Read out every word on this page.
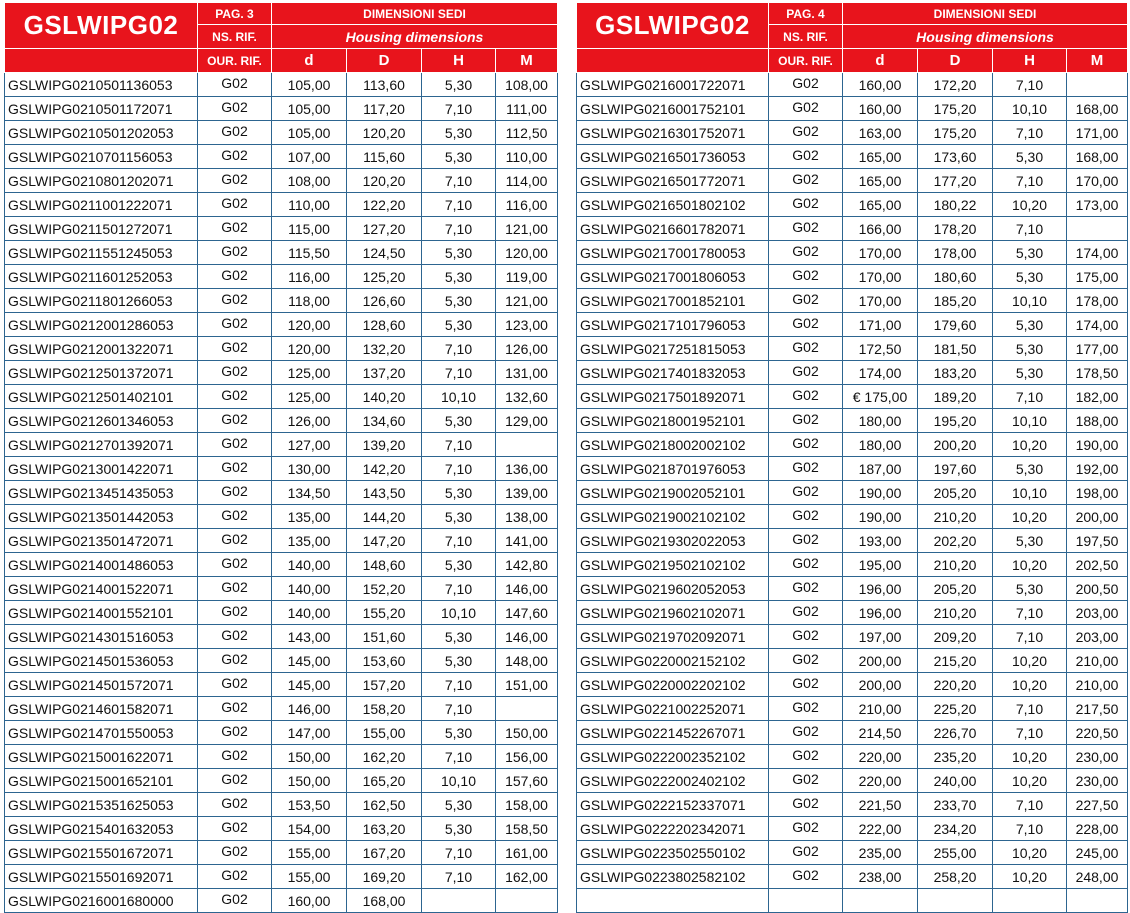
GSLWIPG02	PAG. 3	DIMENSIONI SEDI			
	NS. RIF.	Housing dimensions			
	OUR. RIF.	d	D	H	M
GSLWIPG0210501136053	G02	105,00	113,60	5,30	108,00
GSLWIPG0210501172071	G02	105,00	117,20	7,10	111,00
GSLWIPG0210501202053	G02	105,00	120,20	5,30	112,50
GSLWIPG0210701156053	G02	107,00	115,60	5,30	110,00
GSLWIPG0210801202071	G02	108,00	120,20	7,10	114,00
GSLWIPG0211001222071	G02	110,00	122,20	7,10	116,00
GSLWIPG0211501272071	G02	115,00	127,20	7,10	121,00
GSLWIPG0211551245053	G02	115,50	124,50	5,30	120,00
GSLWIPG0211601252053	G02	116,00	125,20	5,30	119,00
GSLWIPG0211801266053	G02	118,00	126,60	5,30	121,00
GSLWIPG0212001286053	G02	120,00	128,60	5,30	123,00
GSLWIPG0212001322071	G02	120,00	132,20	7,10	126,00
GSLWIPG0212501372071	G02	125,00	137,20	7,10	131,00
GSLWIPG0212501402101	G02	125,00	140,20	10,10	132,60
GSLWIPG0212601346053	G02	126,00	134,60	5,30	129,00
GSLWIPG0212701392071	G02	127,00	139,20	7,10	
GSLWIPG0213001422071	G02	130,00	142,20	7,10	136,00
GSLWIPG0213451435053	G02	134,50	143,50	5,30	139,00
GSLWIPG0213501442053	G02	135,00	144,20	5,30	138,00
GSLWIPG0213501472071	G02	135,00	147,20	7,10	141,00
GSLWIPG0214001486053	G02	140,00	148,60	5,30	142,80
GSLWIPG0214001522071	G02	140,00	152,20	7,10	146,00
GSLWIPG0214001552101	G02	140,00	155,20	10,10	147,60
GSLWIPG0214301516053	G02	143,00	151,60	5,30	146,00
GSLWIPG0214501536053	G02	145,00	153,60	5,30	148,00
GSLWIPG0214501572071	G02	145,00	157,20	7,10	151,00
GSLWIPG0214601582071	G02	146,00	158,20	7,10	
GSLWIPG0214701550053	G02	147,00	155,00	5,30	150,00
GSLWIPG0215001622071	G02	150,00	162,20	7,10	156,00
GSLWIPG0215001652101	G02	150,00	165,20	10,10	157,60
GSLWIPG0215351625053	G02	153,50	162,50	5,30	158,00
GSLWIPG0215401632053	G02	154,00	163,20	5,30	158,50
GSLWIPG0215501672071	G02	155,00	167,20	7,10	161,00
GSLWIPG0215501692071	G02	155,00	169,20	7,10	162,00
GSLWIPG0216001680000	G02	160,00	168,00		
GSLWIPG02	PAG. 4	DIMENSIONI SEDI			
	NS. RIF.	Housing dimensions			
	OUR. RIF.	d	D	H	M
GSLWIPG0216001722071	G02	160,00	172,20	7,10	
GSLWIPG0216001752101	G02	160,00	175,20	10,10	168,00
GSLWIPG0216301752071	G02	163,00	175,20	7,10	171,00
GSLWIPG0216501736053	G02	165,00	173,60	5,30	168,00
GSLWIPG0216501772071	G02	165,00	177,20	7,10	170,00
GSLWIPG0216501802102	G02	165,00	180,22	10,20	173,00
GSLWIPG0216601782071	G02	166,00	178,20	7,10	
GSLWIPG0217001780053	G02	170,00	178,00	5,30	174,00
GSLWIPG0217001806053	G02	170,00	180,60	5,30	175,00
GSLWIPG0217001852101	G02	170,00	185,20	10,10	178,00
GSLWIPG0217101796053	G02	171,00	179,60	5,30	174,00
GSLWIPG0217251815053	G02	172,50	181,50	5,30	177,00
GSLWIPG0217401832053	G02	174,00	183,20	5,30	178,50
GSLWIPG0217501892071	G02	€ 175,00	189,20	7,10	182,00
GSLWIPG0218001952101	G02	180,00	195,20	10,10	188,00
GSLWIPG0218002002102	G02	180,00	200,20	10,20	190,00
GSLWIPG0218701976053	G02	187,00	197,60	5,30	192,00
GSLWIPG0219002052101	G02	190,00	205,20	10,10	198,00
GSLWIPG0219002102102	G02	190,00	210,20	10,20	200,00
GSLWIPG0219302022053	G02	193,00	202,20	5,30	197,50
GSLWIPG0219502102102	G02	195,00	210,20	10,20	202,50
GSLWIPG0219602052053	G02	196,00	205,20	5,30	200,50
GSLWIPG0219602102071	G02	196,00	210,20	7,10	203,00
GSLWIPG0219702092071	G02	197,00	209,20	7,10	203,00
GSLWIPG0220002152102	G02	200,00	215,20	10,20	210,00
GSLWIPG0220002202102	G02	200,00	220,20	10,20	210,00
GSLWIPG0221002252071	G02	210,00	225,20	7,10	217,50
GSLWIPG0221452267071	G02	214,50	226,70	7,10	220,50
GSLWIPG0222002352102	G02	220,00	235,20	10,20	230,00
GSLWIPG0222002402102	G02	220,00	240,00	10,20	230,00
GSLWIPG0222152337071	G02	221,50	233,70	7,10	227,50
GSLWIPG0222202342071	G02	222,00	234,20	7,10	228,00
GSLWIPG0223502550102	G02	235,00	255,00	10,20	245,00
GSLWIPG0223802582102	G02	238,00	258,20	10,20	248,00
